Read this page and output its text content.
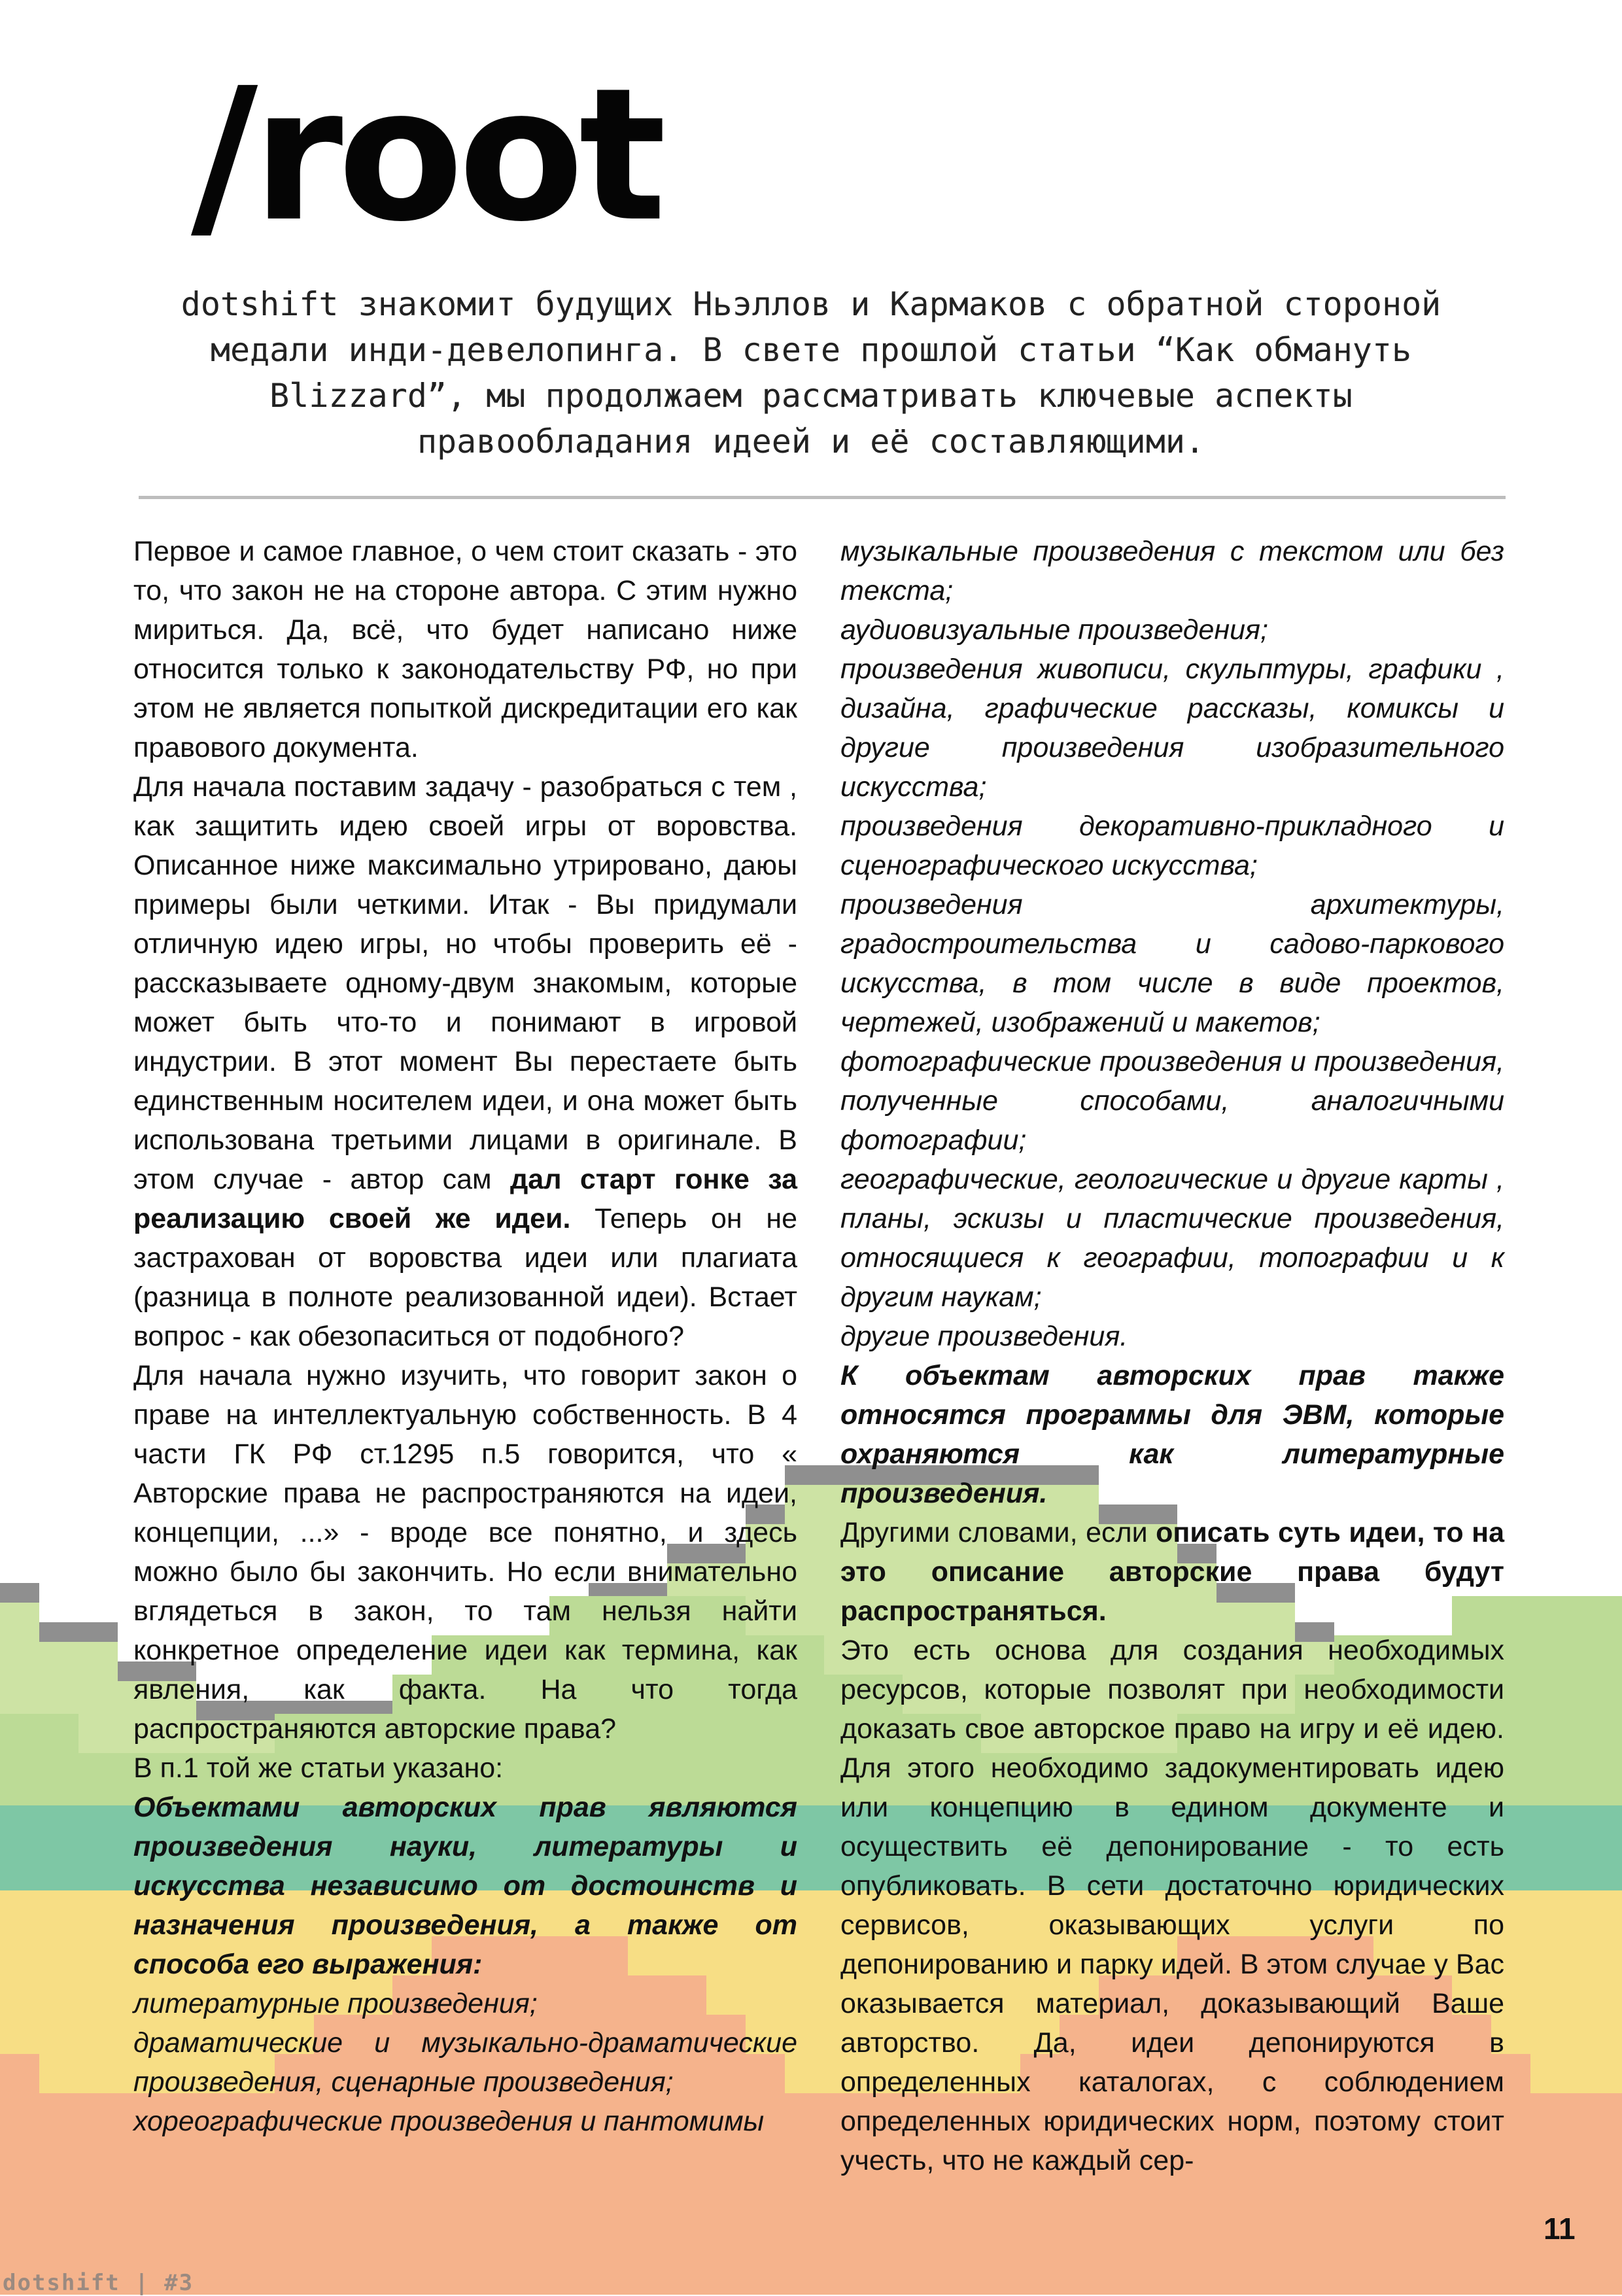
/root

dotshift знакомит будущих Ньэллов и Кармаков с обратной стороной медали инди-девелопинга. В свете прошлой статьи “Как обмануть Blizzard”, мы продолжаем рассматривать ключевые аспекты правообладания идеей и её составляющими.

Первое и самое главное, о чем стоит сказать - это то, что закон не на стороне автора. С этим нужно мириться. Да, всё, что будет написано ниже относится только к законодательству РФ, но при этом не является попыткой дискредитации его как правового документа.

Для начала поставим задачу - разобраться с тем , как защитить идею своей игры от воровства. Описанное ниже максимально утрировано, даюы примеры были четкими. Итак - Вы придумали отличную идею игры, но чтобы проверить её - рассказываете одному-двум знакомым, которые может быть что-то и понимают в игровой индустрии. В этот момент Вы перестаете быть единственным носителем идеи, и она может быть использована третьими лицами в оригинале. В этом случае - автор сам дал старт гонке за реализацию своей же идеи. Теперь он не застрахован от воровства идеи или плагиата (разница в полноте реализованной идеи). Встает вопрос - как обезопаситься от подобного?

Для начала нужно изучить, что говорит закон о праве на интеллектуальную собственность. В 4 части ГК РФ ст.1295 п.5 говорится, что « Авторские права не распространяются на идеи, концепции, ...» - вроде все понятно, и здесь можно было бы закончить. Но если внимательно вглядеться в закон, то там нельзя найти конкретное определение идеи как термина, как явления, как факта. На что тогда распространяются авторские права?

В п.1 той же статьи указано:

Объектами авторских прав являются произведения науки, литературы и искусства независимо от достоинств и назначения произведения, а также от способа его выражения:

литературные произведения;

драматические и музыкально-драматические произведения, сценарные произведения;

хореографические произведения и пантомимы

музыкальные произведения с текстом или без текста;

аудиовизуальные произведения;

произведения живописи, скульптуры, графики , дизайна, графические рассказы, комиксы и другие произведения изобразительного искусства;

произведения декоративно-прикладного и сценографического искусства;

произведения архитектуры, градостроительства и садово-паркового искусства, в том числе в виде проектов, чертежей, изображений и макетов;

фотографические произведения и произведения, полученные способами, аналогичными фотографии;

географические, геологические и другие карты , планы, эскизы и пластические произведения, относящиеся к географии, топографии и к другим наукам;

другие произведения.

К объектам авторских прав также относятся программы для ЭВМ, которые охраняются как литературные произведения.

Другими словами, если описать суть идеи, то на это описание авторские права будут распространяться.

Это есть основа для создания необходимых ресурсов, которые позволят при необходимости доказать свое авторское право на игру и её идею. Для этого необходимо задокументировать идею или концепцию в едином документе и осуществить её депонирование - то есть опубликовать. В сети достаточно юридических сервисов, оказывающих услуги по депонированию и парку идей. В этом случае у Вас оказывается материал, доказывающий Ваше авторство. Да, идеи депонируются в определенных каталогах, с соблюдением определенных юридических норм, поэтому стоит учесть, что не каждый сер-

11
dotshift | #3
